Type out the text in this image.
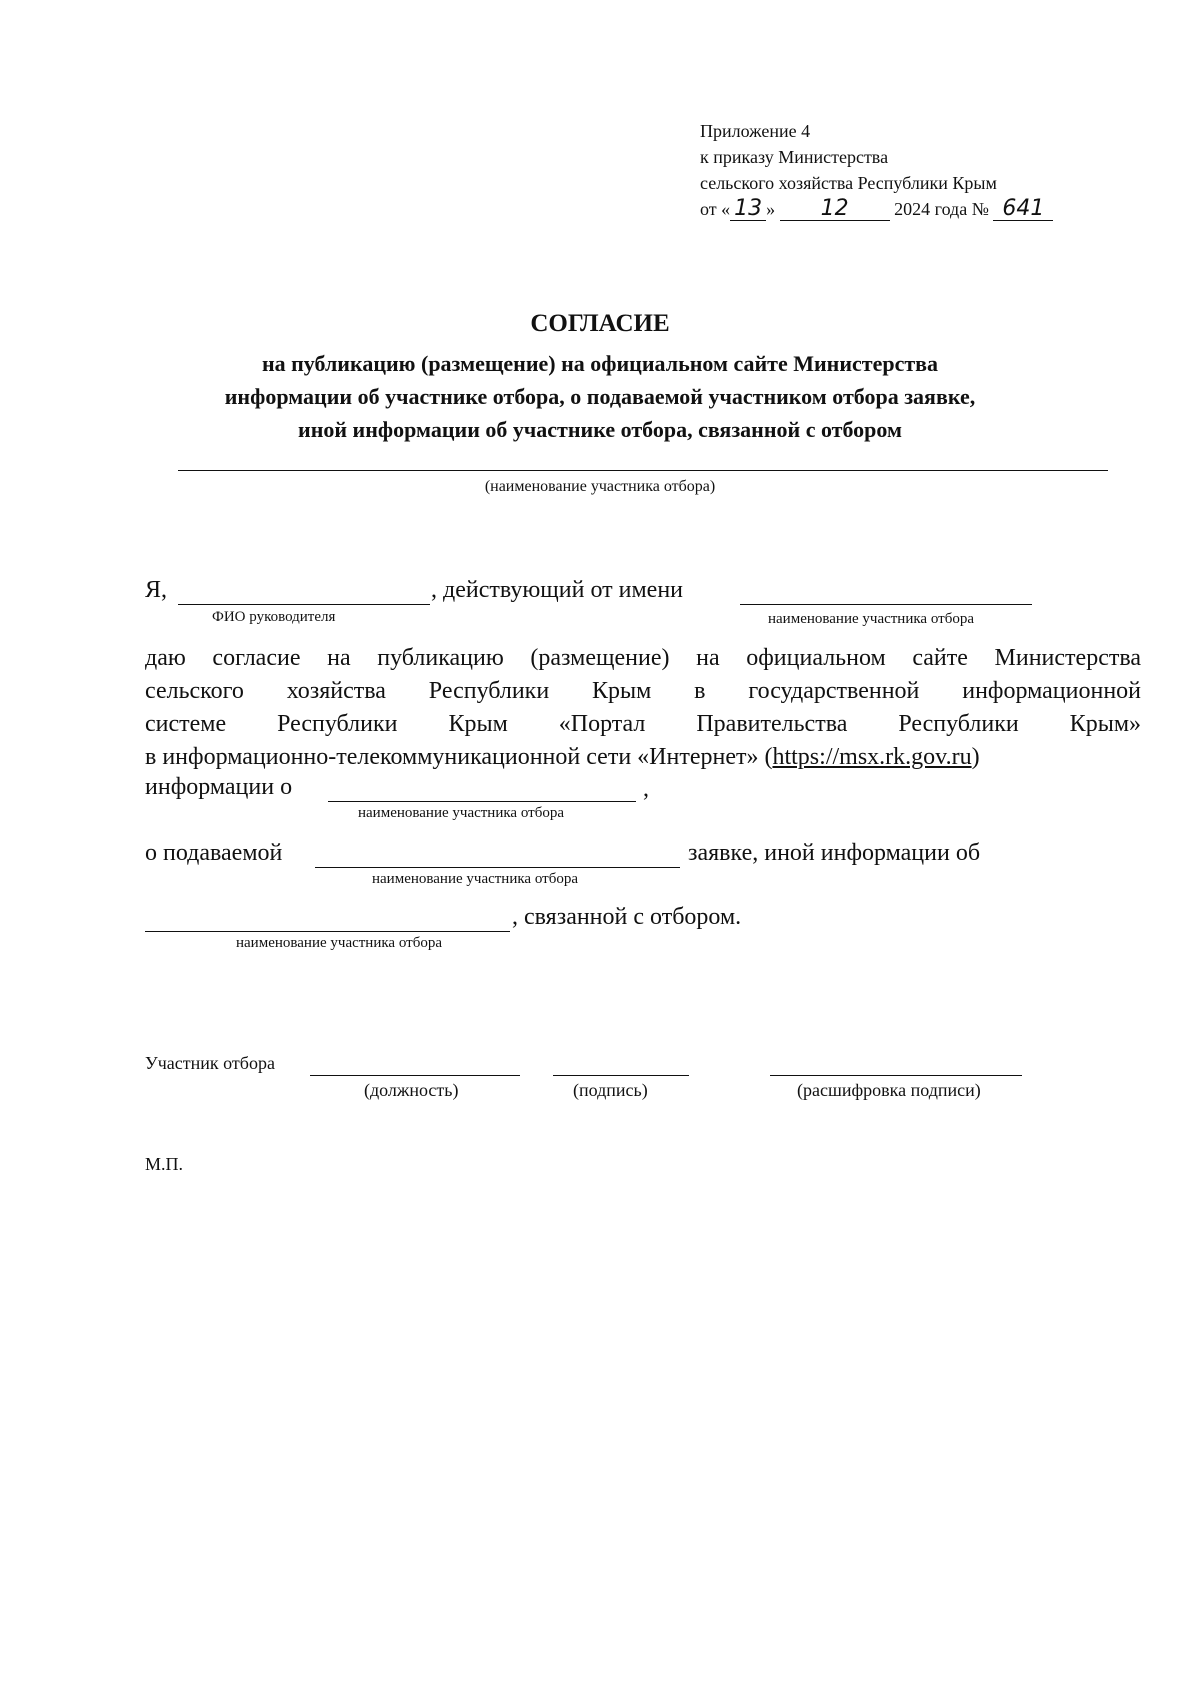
Приложение 4
к приказу Министерства
сельского хозяйства Республики Крым
от « 13 » 12	2024 года № 641
СОГЛАСИЕ
на публикацию (размещение) на официальном сайте Министерства
информации об участнике отбора, о подаваемой участником отбора заявке,
иной информации об участнике отбора, связанной с отбором
(наименование участника отбора)
Я,	, действующий от имени
ФИО руководителя	наименование участника отбора
даю согласие на публикацию (размещение) на официальном сайте Министерства
сельского хозяйства Республики Крым в государственной информационной
системе Республики Крым «Портал Правительства Республики Крым»
в информационно-телекоммуникационной сети «Интернет» (https://msx.rk.gov.ru)
информации о	,
наименование участника отбора
о подаваемой	заявке, иной информации об
наименование участника отбора
, связанной с отбором.
наименование участника отбора
Участник отбора
(должность)	(подпись)	(расшифровка подписи)
М.П.
